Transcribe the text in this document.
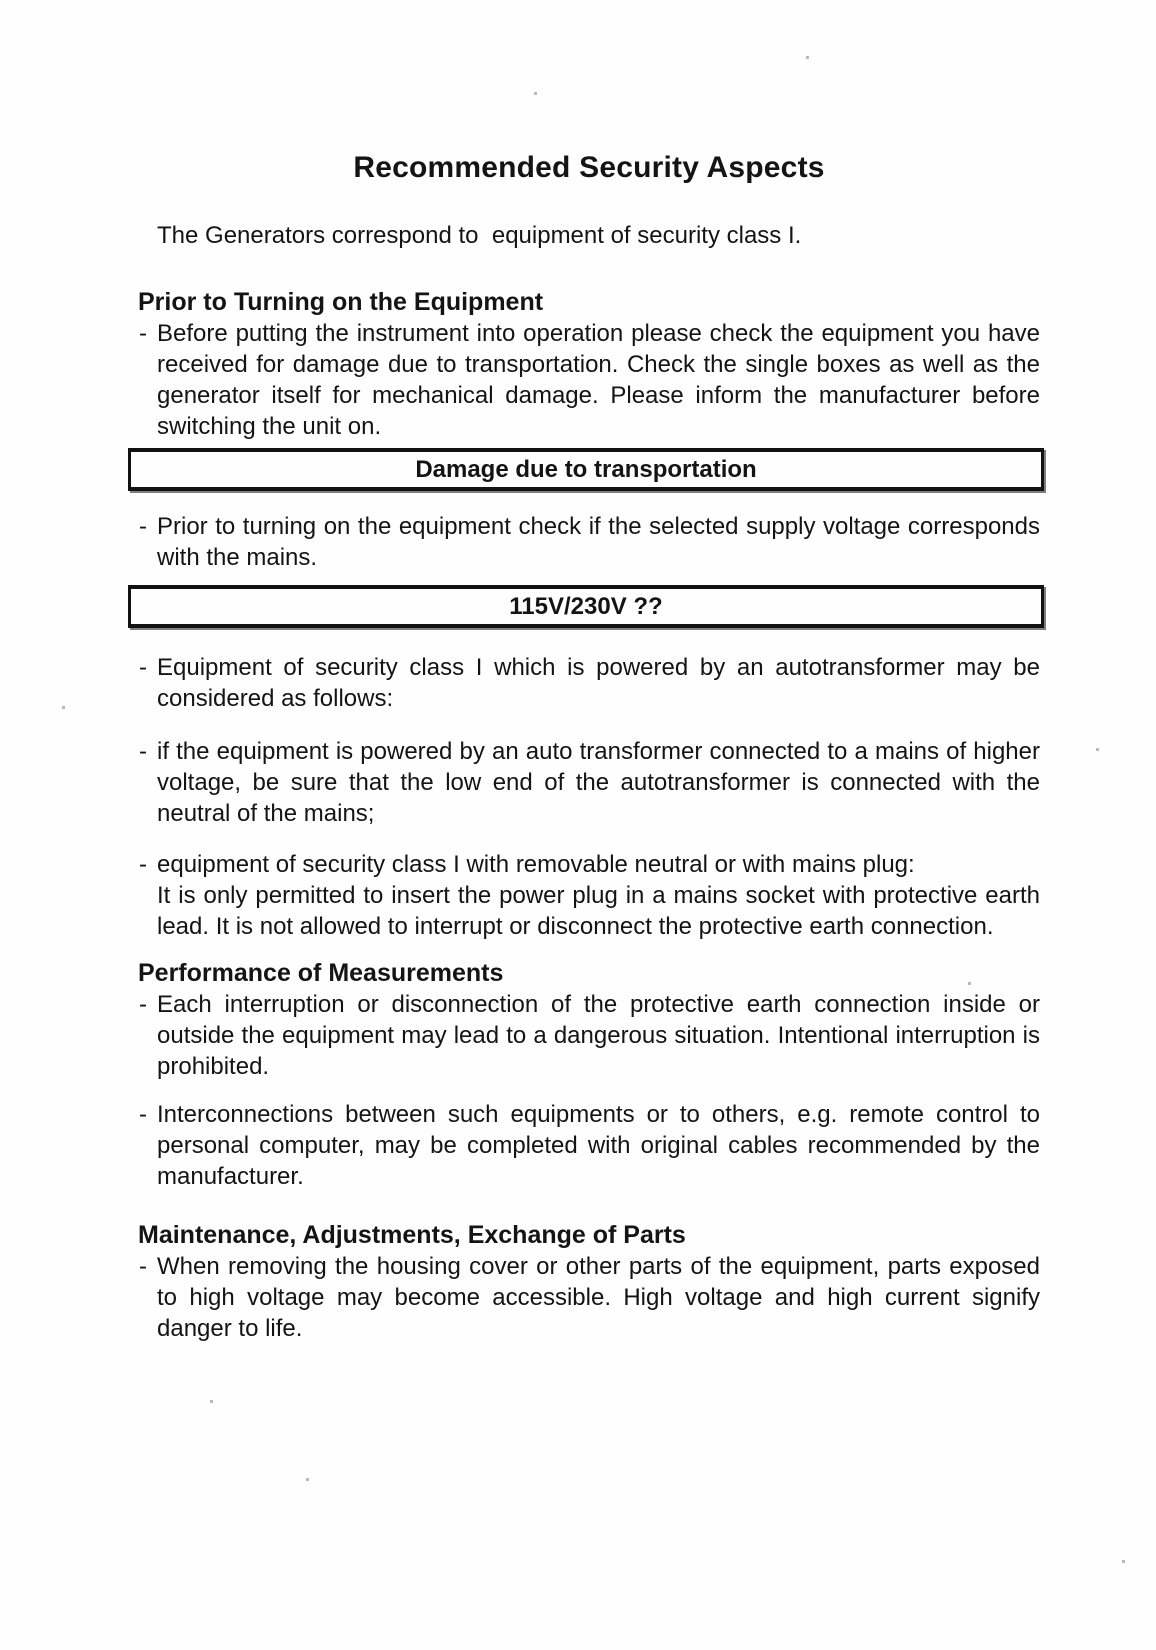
Recommended Security Aspects

The Generators correspond to  equipment of security class I.

Prior to Turning on the Equipment
- Before putting the instrument into operation please check the equipment you have received for damage due to transportation. Check the single boxes as well as the generator itself for mechanical damage. Please inform the manufacturer before switching the unit on.
Damage due to transportation
- Prior to turning on the equipment check if the selected supply voltage corresponds with the mains.
115V/230V ??
- Equipment of security class I which is powered by an autotransformer may be considered as follows:
- if the equipment is powered by an auto transformer connected to a mains of higher voltage, be sure that the low end of the autotransformer is connected with the neutral of the mains;
- equipment of security class I with removable neutral or with mains plug:
It is only permitted to insert the power plug in a mains socket with protective earth lead. It is not allowed to interrupt or disconnect the protective earth connection.
Performance of Measurements
- Each interruption or disconnection of the protective earth connection inside or outside the equipment may lead to a dangerous situation. Intentional interruption is prohibited.
- Interconnections between such equipments or to others, e.g. remote control to personal computer, may be completed with original cables recommended by the manufacturer.
Maintenance, Adjustments, Exchange of Parts
- When removing the housing cover or other parts of the equipment, parts exposed to high voltage may become accessible. High voltage and high current signify danger to life.
